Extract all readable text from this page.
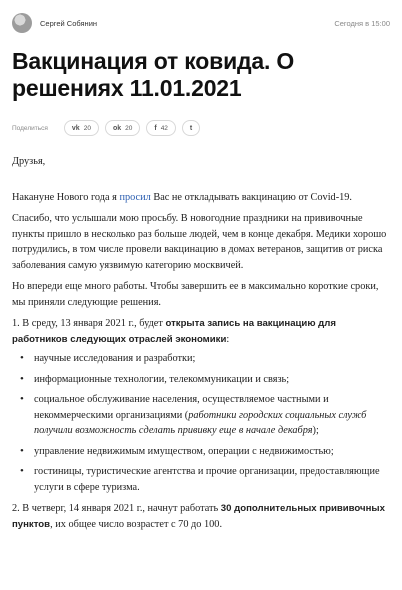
Сергей Собянин	Сегодня в 15:00
Вакцинация от ковида. О решениях 11.01.2021
Поделиться	vk 20	ok 20	f 42	t

Друзья,

Накануне Нового года я просил Вас не откладывать вакцинацию от Covid-19.

Спасибо, что услышали мою просьбу. В новогодние праздники на прививочные пункты пришло в несколько раз больше людей, чем в конце декабря. Медики хорошо потрудились, в том числе провели вакцинацию в домах ветеранов, защитив от риска заболевания самую уязвимую категорию москвичей.

Но впереди еще много работы. Чтобы завершить ее в максимально короткие сроки, мы приняли следующие решения.

1. В среду, 13 января 2021 г., будет открыта запись на вакцинацию для работников следующих отраслей экономики:

• научные исследования и разработки;
• информационные технологии, телекоммуникации и связь;
• социальное обслуживание населения, осуществляемое частными и некоммерческими организациями (работники городских социальных служб получили возможность сделать прививку еще в начале декабря);
• управление недвижимым имуществом, операции с недвижимостью;
• гостиницы, туристические агентства и прочие организации, предоставляющие услуги в сфере туризма.

2. В четверг, 14 января 2021 г., начнут работать 30 дополнительных прививочных пунктов, их общее число возрастет с 70 до 100.
